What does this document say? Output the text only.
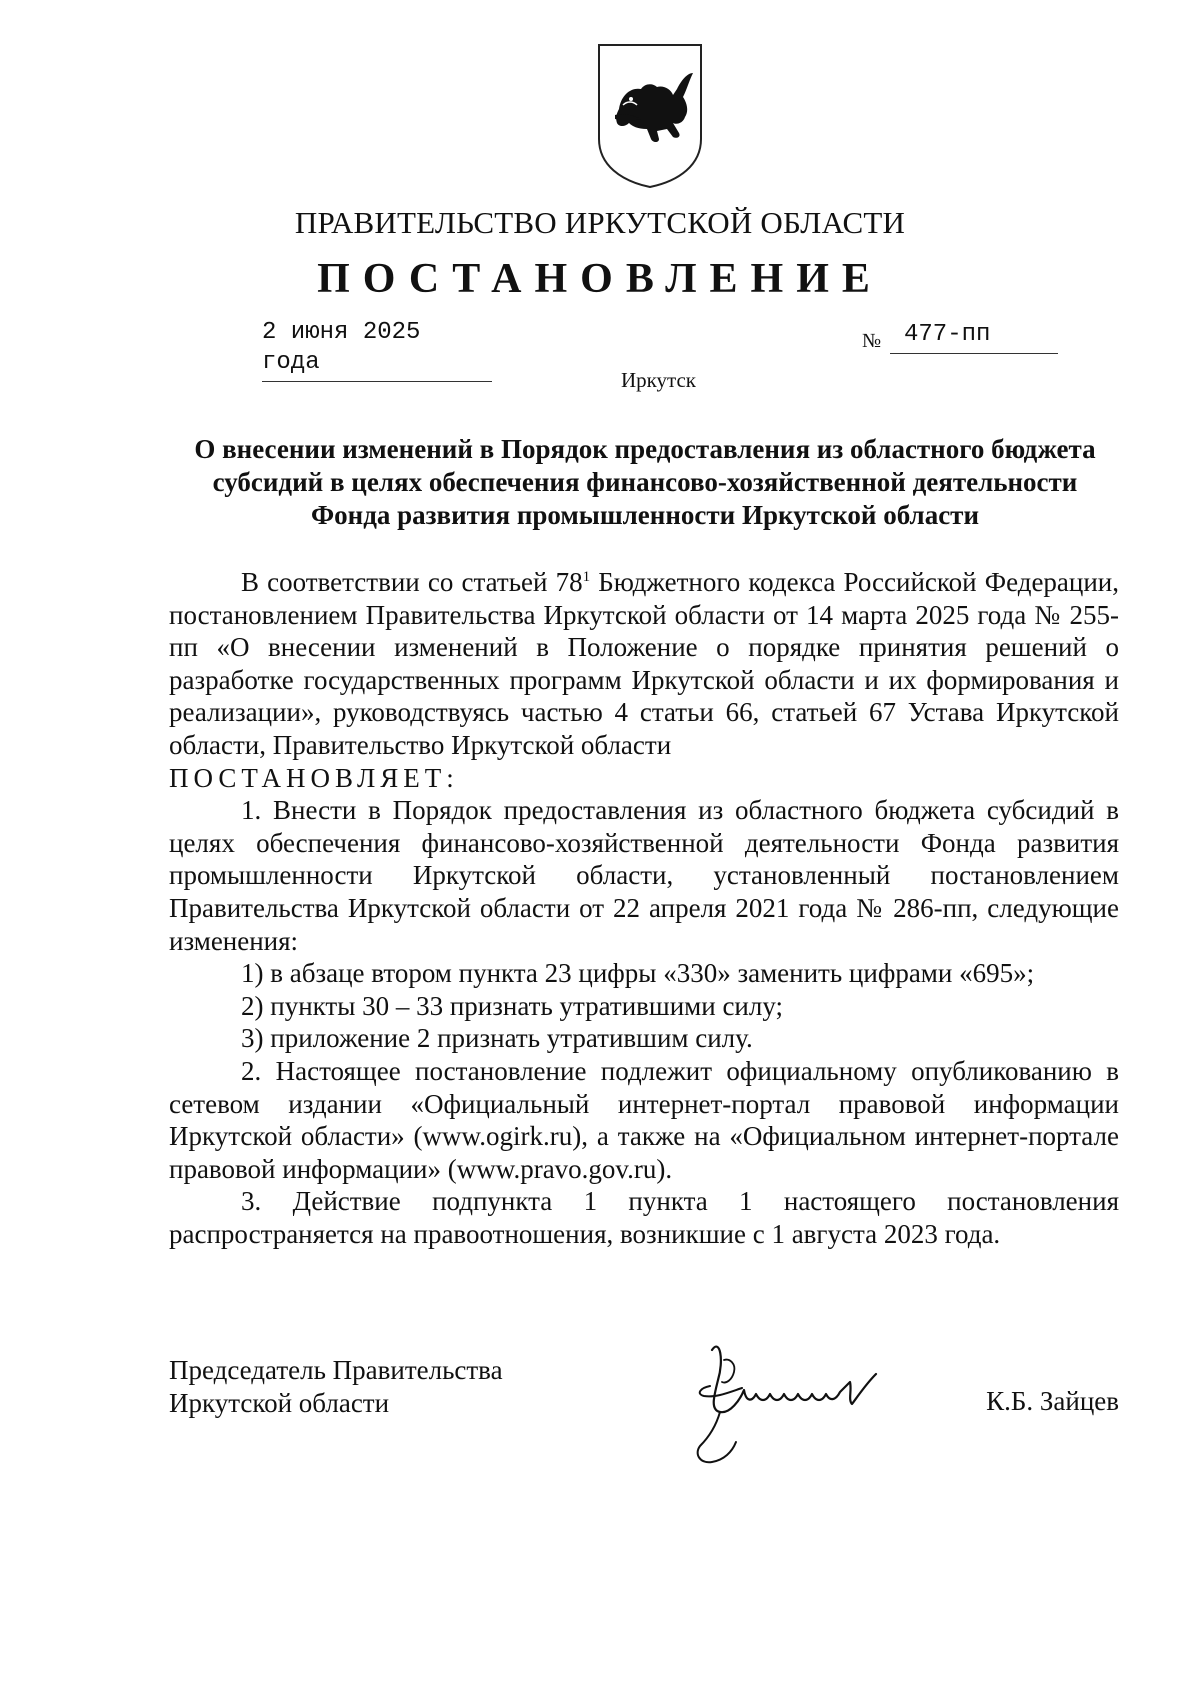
ПРАВИТЕЛЬСТВО ИРКУТСКОЙ ОБЛАСТИ
ПОСТАНОВЛЕНИЕ
2 июня 2025 года
№ 477-пп
Иркутск
О внесении изменений в Порядок предоставления из областного бюджета субсидий в целях обеспечения финансово-хозяйственной деятельности Фонда развития промышленности Иркутской области

В соответствии со статьей $78^1$ Бюджетного кодекса Российской Федерации, постановлением Правительства Иркутской области от 14 марта 2025 года № 255-пп «О внесении изменений в Положение о порядке принятия решений о разработке государственных программ Иркутской области и их формирования и реализации», руководствуясь частью 4 статьи 66, статьей 67 Устава Иркутской области, Правительство Иркутской области

ПОСТАНОВЛЯЕТ:

1. Внести в Порядок предоставления из областного бюджета субсидий в целях обеспечения финансово-хозяйственной деятельности Фонда развития промышленности Иркутской области, установленный постановлением Правительства Иркутской области от 22 апреля 2021 года № 286-пп, следующие изменения:

1) в абзаце втором пункта 23 цифры «330» заменить цифрами «695»;

2) пункты 30 – 33 признать утратившими силу;

3) приложение 2 признать утратившим силу.

2. Настоящее постановление подлежит официальному опубликованию в сетевом издании «Официальный интернет-портал правовой информации Иркутской области» (www.ogirk.ru), а также на «Официальном интернет-портале правовой информации» (www.pravo.gov.ru).

3. Действие подпункта 1 пункта 1 настоящего постановления распространяется на правоотношения, возникшие с 1 августа 2023 года.

Председатель Правительства
Иркутской области	К.Б. Зайцев
